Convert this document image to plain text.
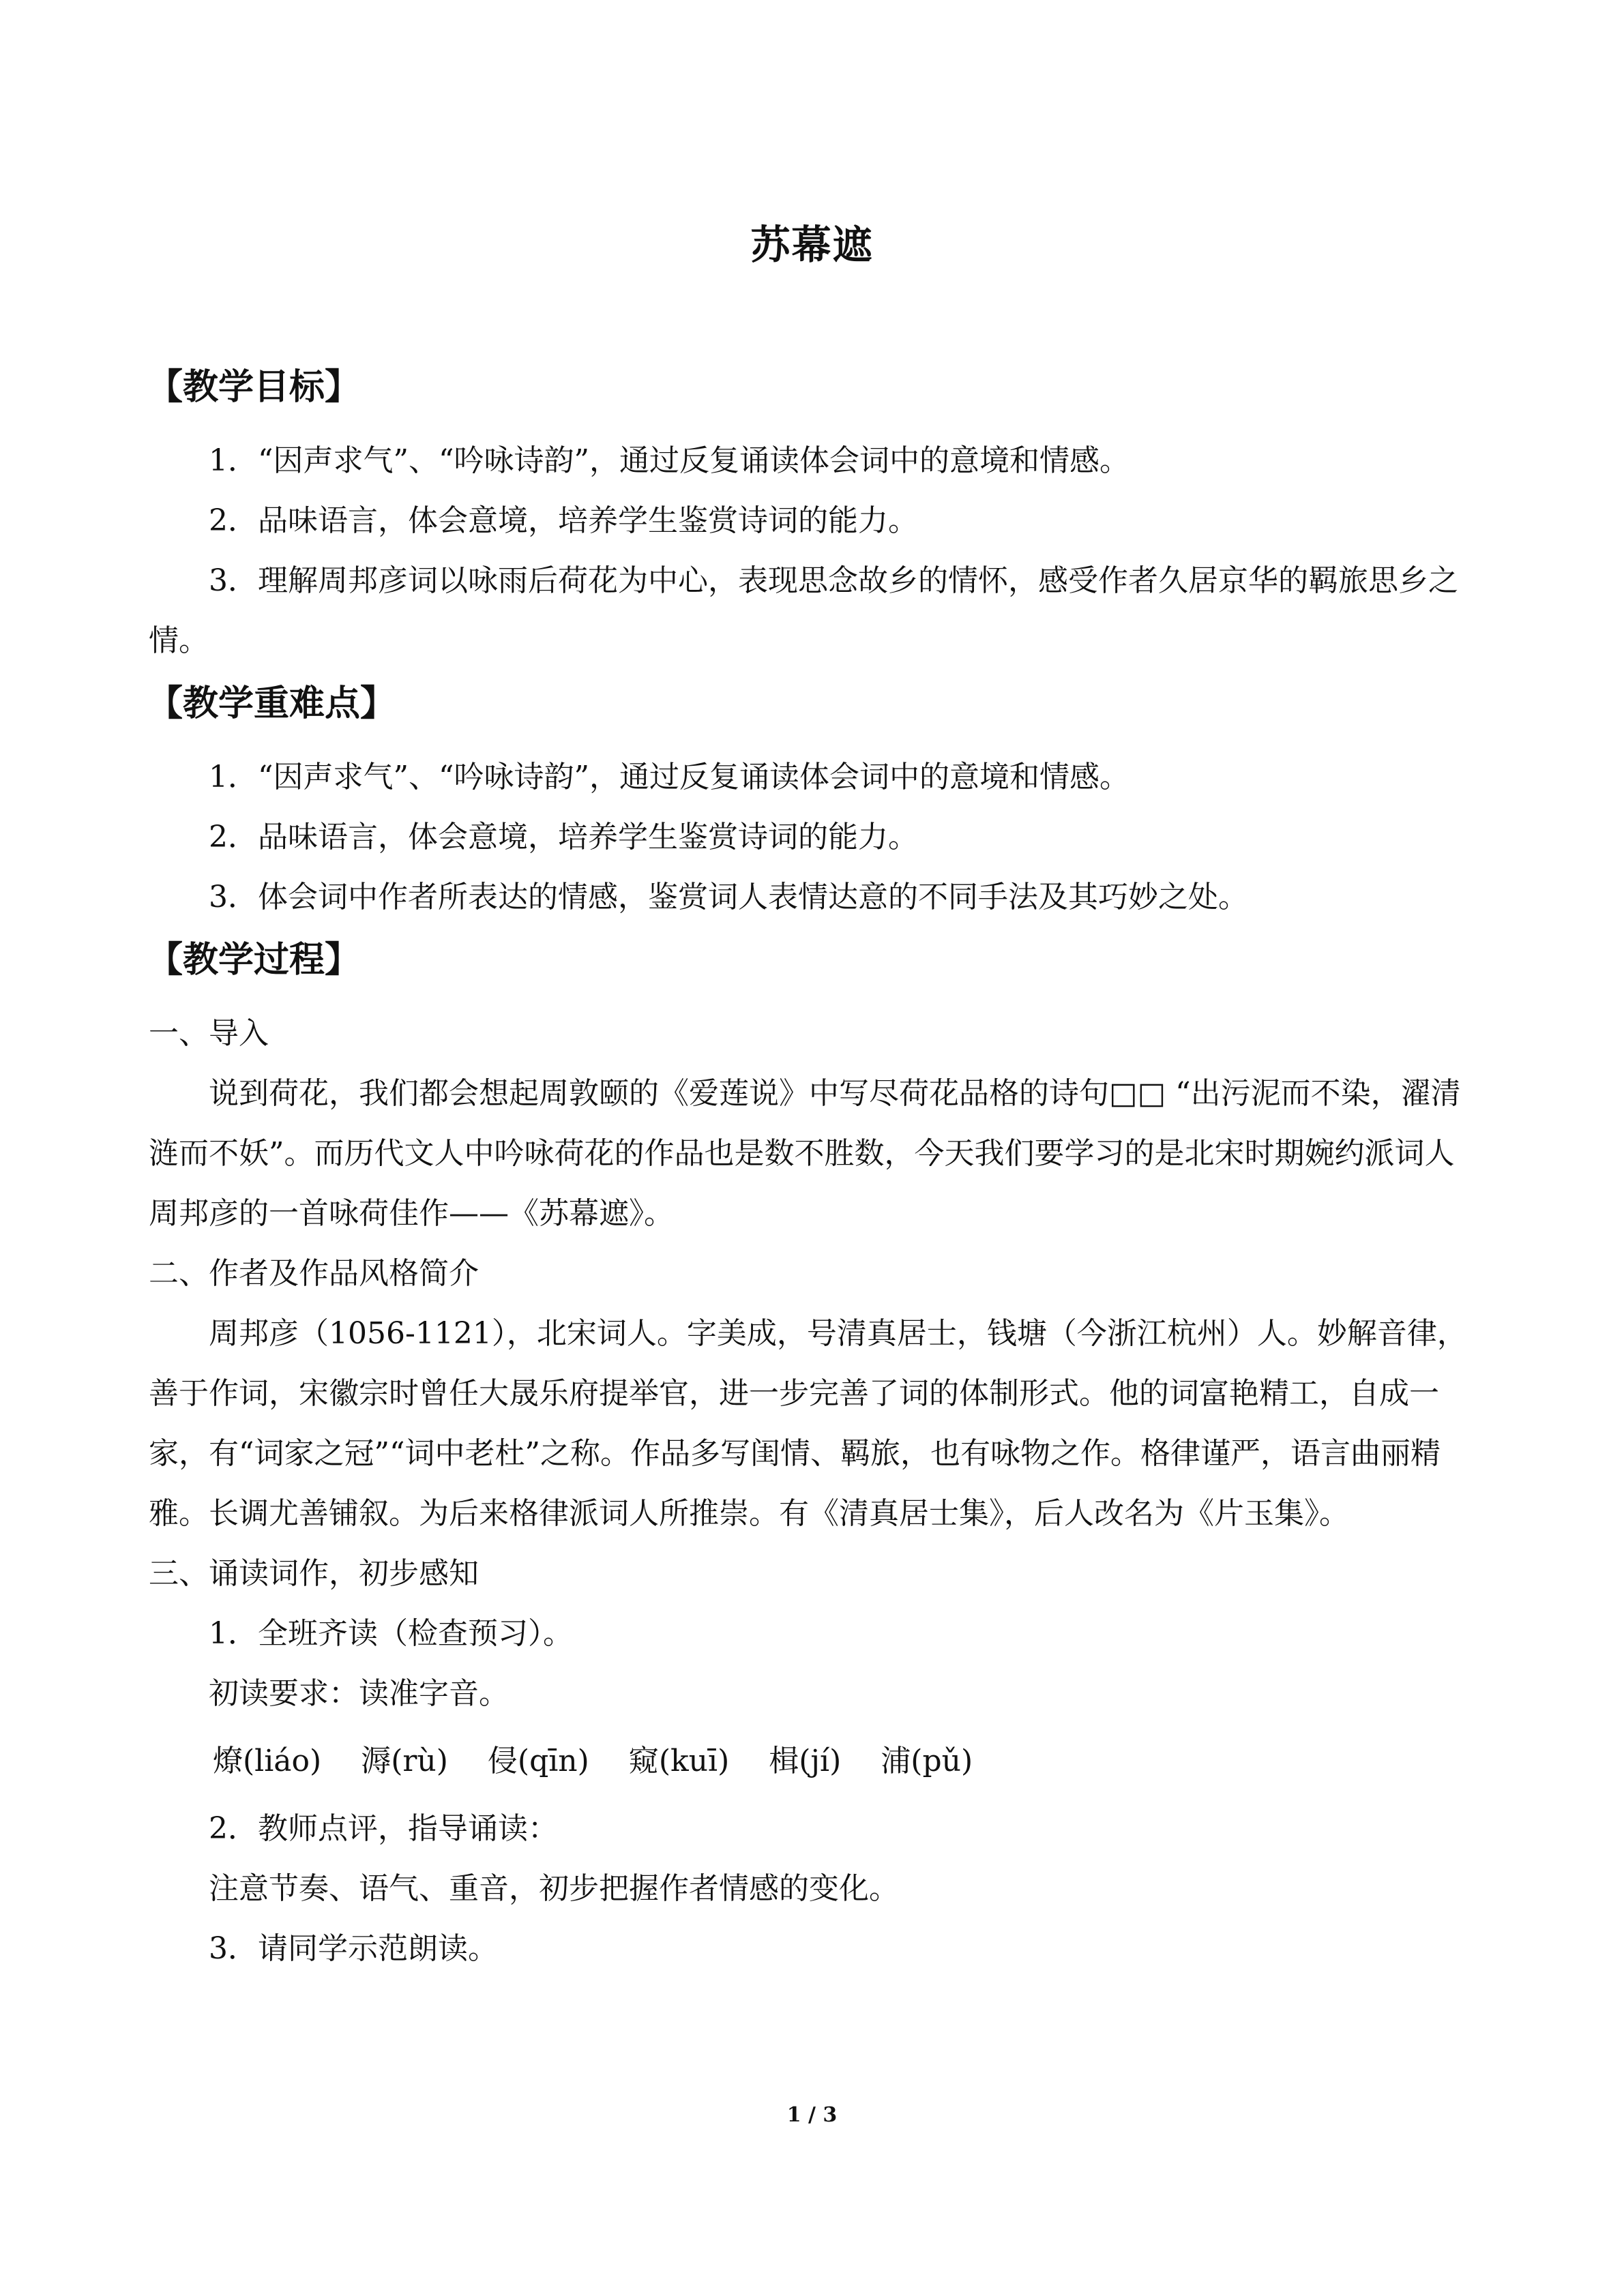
苏幕遮
【教学目标】

1．“因声求气”、“吟咏诗韵”，通过反复诵读体会词中的意境和情感。

2．品味语言，体会意境，培养学生鉴赏诗词的能力。

3．理解周邦彦词以咏雨后荷花为中心，表现思念故乡的情怀，感受作者久居京华的羁旅思乡之情。

【教学重难点】

1．“因声求气”、“吟咏诗韵”，通过反复诵读体会词中的意境和情感。

2．品味语言，体会意境，培养学生鉴赏诗词的能力。

3．体会词中作者所表达的情感，鉴赏词人表情达意的不同手法及其巧妙之处。

【教学过程】

一、导入

说到荷花，我们都会想起周敦颐的《爱莲说》中写尽荷花品格的诗句□□ “出污泥而不染，濯清涟而不妖”。而历代文人中吟咏荷花的作品也是数不胜数，今天我们要学习的是北宋时期婉约派词人周邦彦的一首咏荷佳作——《苏幕遮》。

二、作者及作品风格简介

周邦彦（1056-1121），北宋词人。字美成，号清真居士，钱塘（今浙江杭州）人。妙解音律，善于作词，宋徽宗时曾任大晟乐府提举官，进一步完善了词的体制形式。他的词富艳精工，自成一家，有“词家之冠”“词中老杜”之称。作品多写闺情、羁旅，也有咏物之作。格律谨严，语言曲丽精雅。长调尤善铺叙。为后来格律派词人所推崇。有《清真居士集》，后人改名为《片玉集》。

三、诵读词作，初步感知

1．全班齐读（检查预习）。

初读要求：读准字音。

燎(liáo) 溽(rù) 侵(qīn) 窥(kuī) 楫(jí) 浦(pǔ)

2．教师点评，指导诵读：

注意节奏、语气、重音，初步把握作者情感的变化。

3．请同学示范朗读。

1 / 3
